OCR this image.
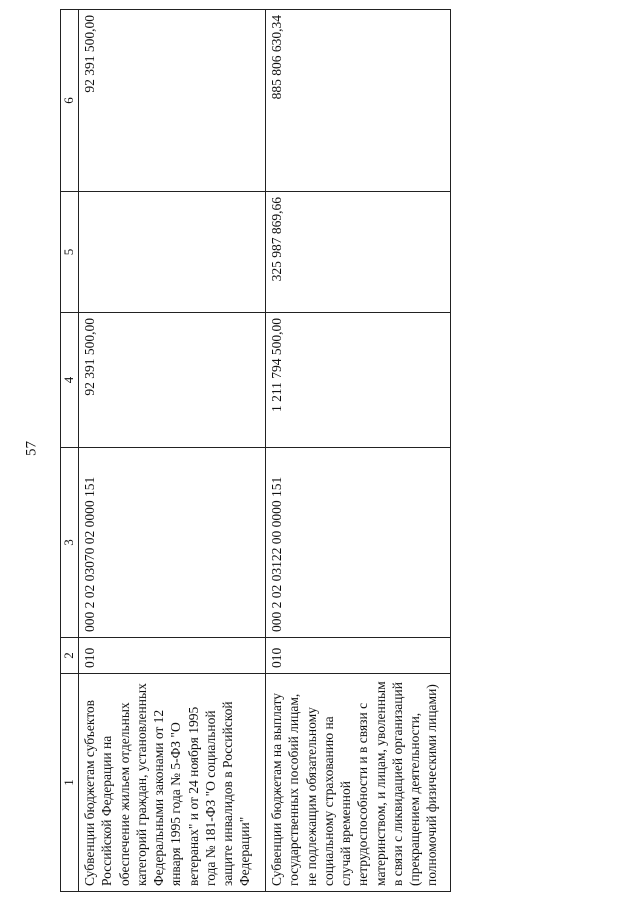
57
1	2	3	4	5	6
Субвенции бюджетам субъектов Российской Федерации на обеспечение жильем отдельных категорий граждан, установленных Федеральными законами от 12 января 1995 года № 5-ФЗ "О ветеранах" и от 24 ноября 1995 года № 181-ФЗ "О социальной защите инвалидов в Российской Федерации"	010	000 2 02 03070 02 0000 151	92 391 500,00		92 391 500,00
Субвенции бюджетам на выплату государственных пособий лицам, не подлежащим обязательному социальному страхованию на случай временной нетрудоспособности и в связи с материнством, и лицам, уволенным в связи с ликвидацией организаций (прекращением деятельности, полномочий физическими лицами)	010	000 2 02 03122 00 0000 151	1 211 794 500,00	325 987 869,66	885 806 630,34
